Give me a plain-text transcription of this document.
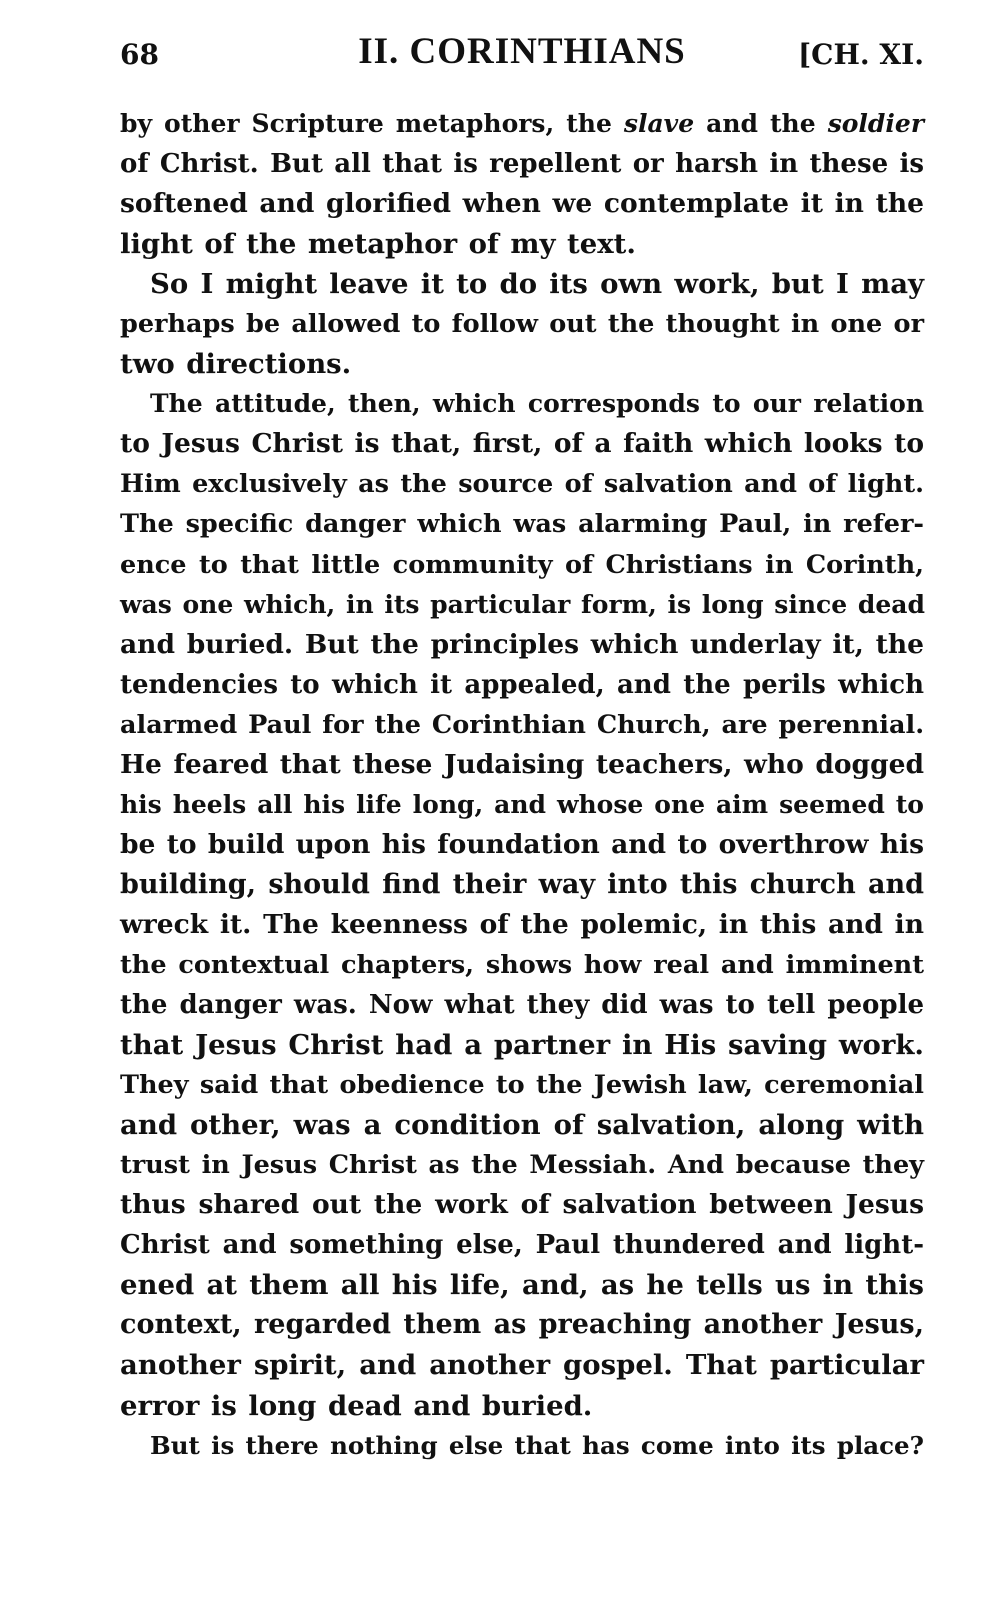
68	II. CORINTHIANS	[CH. XI.
by other Scripture metaphors, the slave and the soldier
of Christ. But all that is repellent or harsh in these is
softened and glorified when we contemplate it in the
light of the metaphor of my text.
So I might leave it to do its own work, but I may
perhaps be allowed to follow out the thought in one or
two directions.
The attitude, then, which corresponds to our relation
to Jesus Christ is that, first, of a faith which looks to
Him exclusively as the source of salvation and of light.
The specific danger which was alarming Paul, in refer-
ence to that little community of Christians in Corinth,
was one which, in its particular form, is long since dead
and buried. But the principles which underlay it, the
tendencies to which it appealed, and the perils which
alarmed Paul for the Corinthian Church, are perennial.
He feared that these Judaising teachers, who dogged
his heels all his life long, and whose one aim seemed to
be to build upon his foundation and to overthrow his
building, should find their way into this church and
wreck it. The keenness of the polemic, in this and in
the contextual chapters, shows how real and imminent
the danger was. Now what they did was to tell people
that Jesus Christ had a partner in His saving work.
They said that obedience to the Jewish law, ceremonial
and other, was a condition of salvation, along with
trust in Jesus Christ as the Messiah. And because they
thus shared out the work of salvation between Jesus
Christ and something else, Paul thundered and light-
ened at them all his life, and, as he tells us in this
context, regarded them as preaching another Jesus,
another spirit, and another gospel. That particular
error is long dead and buried.
But is there nothing else that has come into its place?
